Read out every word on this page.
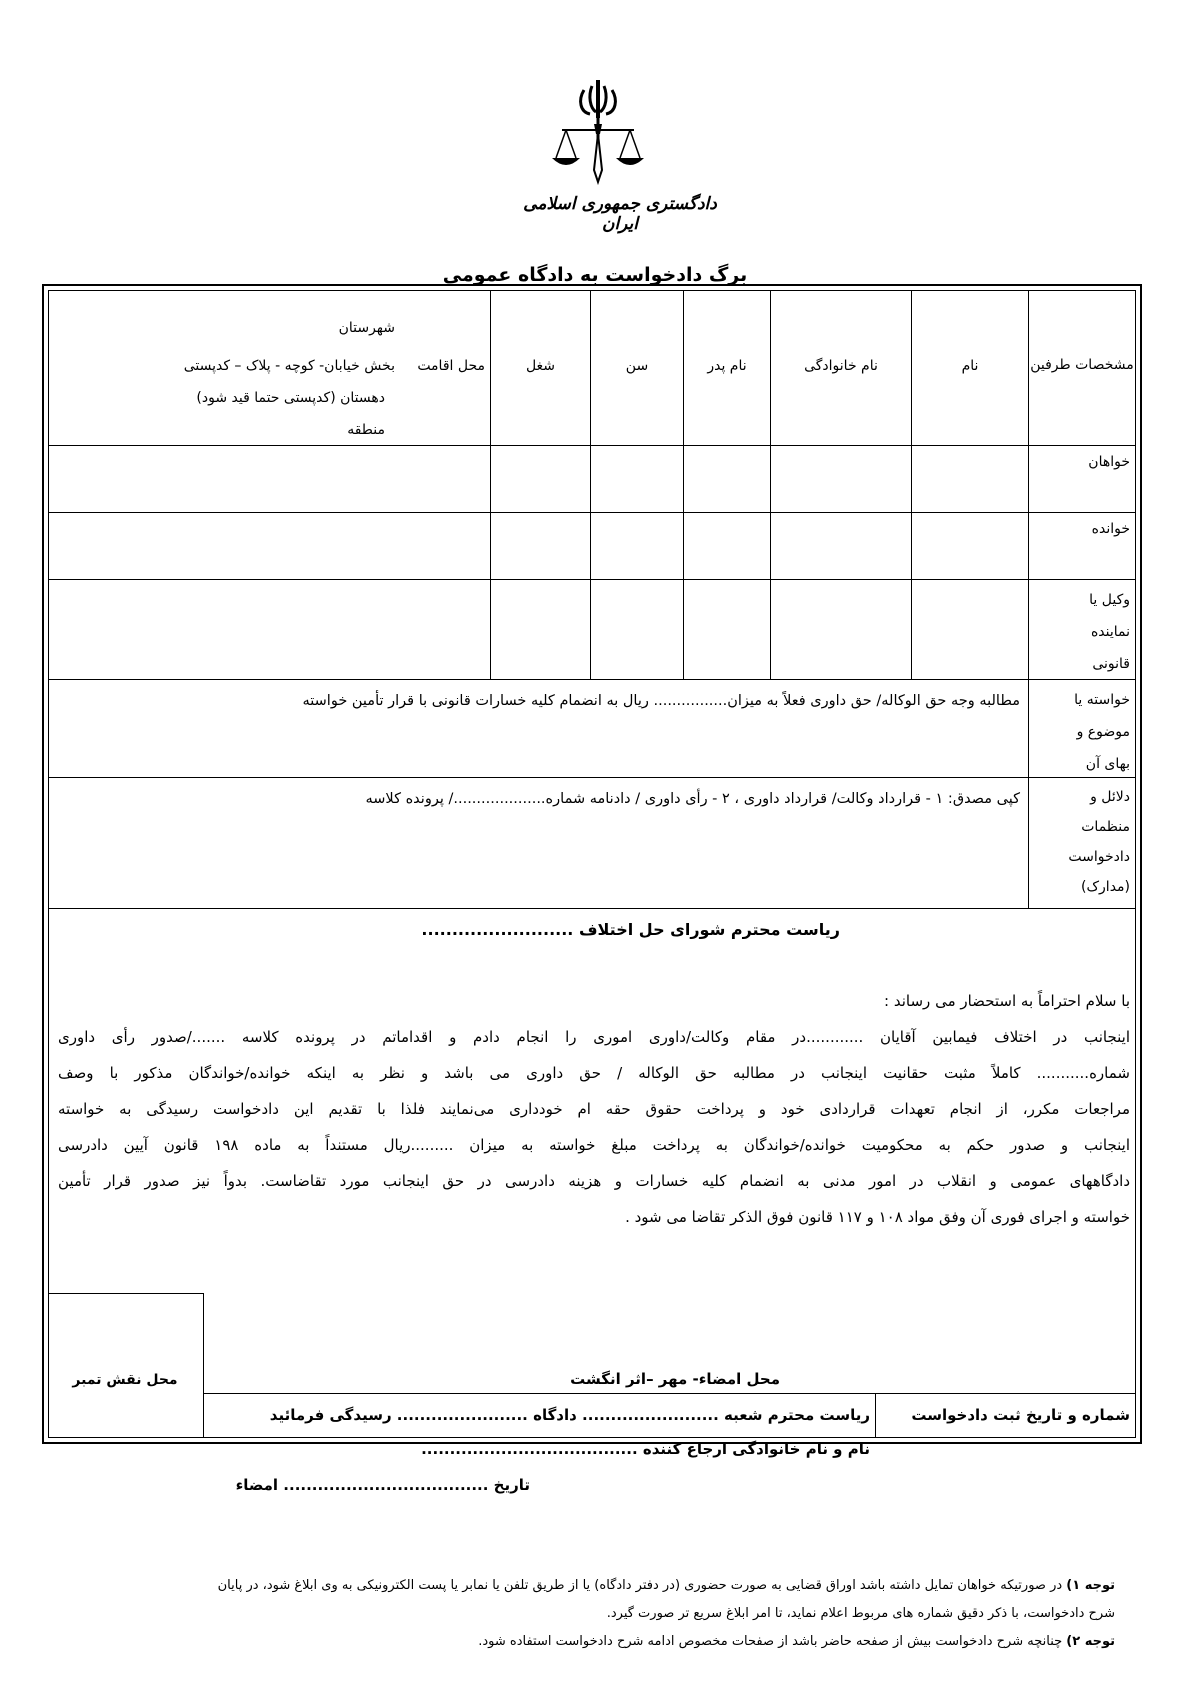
دادگستری جمهوری اسلامی ایران
برگ دادخواست به دادگاه عمومی
مشخصات طرفین
نام
نام خانوادگی
نام پدر
سن
شغل
محل اقامت
شهرستان
بخش خیابان- کوچه - پلاک – کدپستی
دهستان (کدپستی حتما قید شود)
منطقه
خواهان
خوانده
وکیل یا
نماینده
قانونی
خواسته یا
موضوع و
بهای آن
مطالبه وجه حق الوکاله/ حق داوری فعلاً به میزان................ ریال به انضمام کلیه خسارات قانونی با قرار تأمین خواسته
دلائل و
منظمات
دادخواست
(مدارک)
کپی مصدق: ۱ - قرارداد وکالت/ قرارداد داوری ، ۲ - رأی داوری / دادنامه شماره..................../ پرونده کلاسه
ریاست محترم شورای حل اختلاف .........................
با سلام احتراماً به استحضار می رساند :
اینجانب در اختلاف فیمابین آقایان ............در مقام وکالت/داوری اموری را انجام دادم و اقداماتم در پرونده کلاسه ......./صدور رأی داوری
شماره........... کاملاً مثبت حقانیت اینجانب در مطالبه حق الوکاله / حق داوری می باشد و نظر به اینکه خوانده/خواندگان مذکور با وصف
مراجعات مکرر، از انجام تعهدات قراردادی خود و پرداخت حقوق حقه ام خودداری می‌نمایند فلذا با تقدیم این دادخواست رسیدگی به خواسته
اینجانب و صدور حکم به محکومیت خوانده/خواندگان به پرداخت مبلغ خواسته به میزان .........ریال مستنداً به ماده ۱۹۸ قانون آیین دادرسی
دادگاههای عمومی و انقلاب در امور مدنی به انضمام کلیه خسارات و هزینه دادرسی در حق اینجانب مورد تقاضاست. بدواً نیز صدور قرار تأمین
خواسته و اجرای فوری آن وفق مواد ۱۰۸ و ۱۱۷ قانون فوق الذکر تقاضا می شود .
محل نقش تمبر	محل امضاء- مهر –اثر انگشت
شماره و تاریخ ثبت دادخواست
ریاست محترم شعبه ........................ دادگاه ....................... رسیدگی فرمائید
نام و نام خانوادگی ارجاع کننده ......................................
تاریخ .................................... امضاء
توجه ۱) در صورتیکه خواهان تمایل داشته باشد اوراق قضایی به صورت حضوری (در دفتر دادگاه) یا از طریق تلفن یا نمابر یا پست الکترونیکی به وی ابلاغ شود، در پایان
شرح دادخواست، با ذکر دقیق شماره های مربوط اعلام نماید، تا امر ابلاغ سریع تر صورت گیرد.
توجه ۲) چنانچه شرح دادخواست بیش از صفحه حاضر باشد از صفحات مخصوص ادامه شرح دادخواست استفاده شود.
